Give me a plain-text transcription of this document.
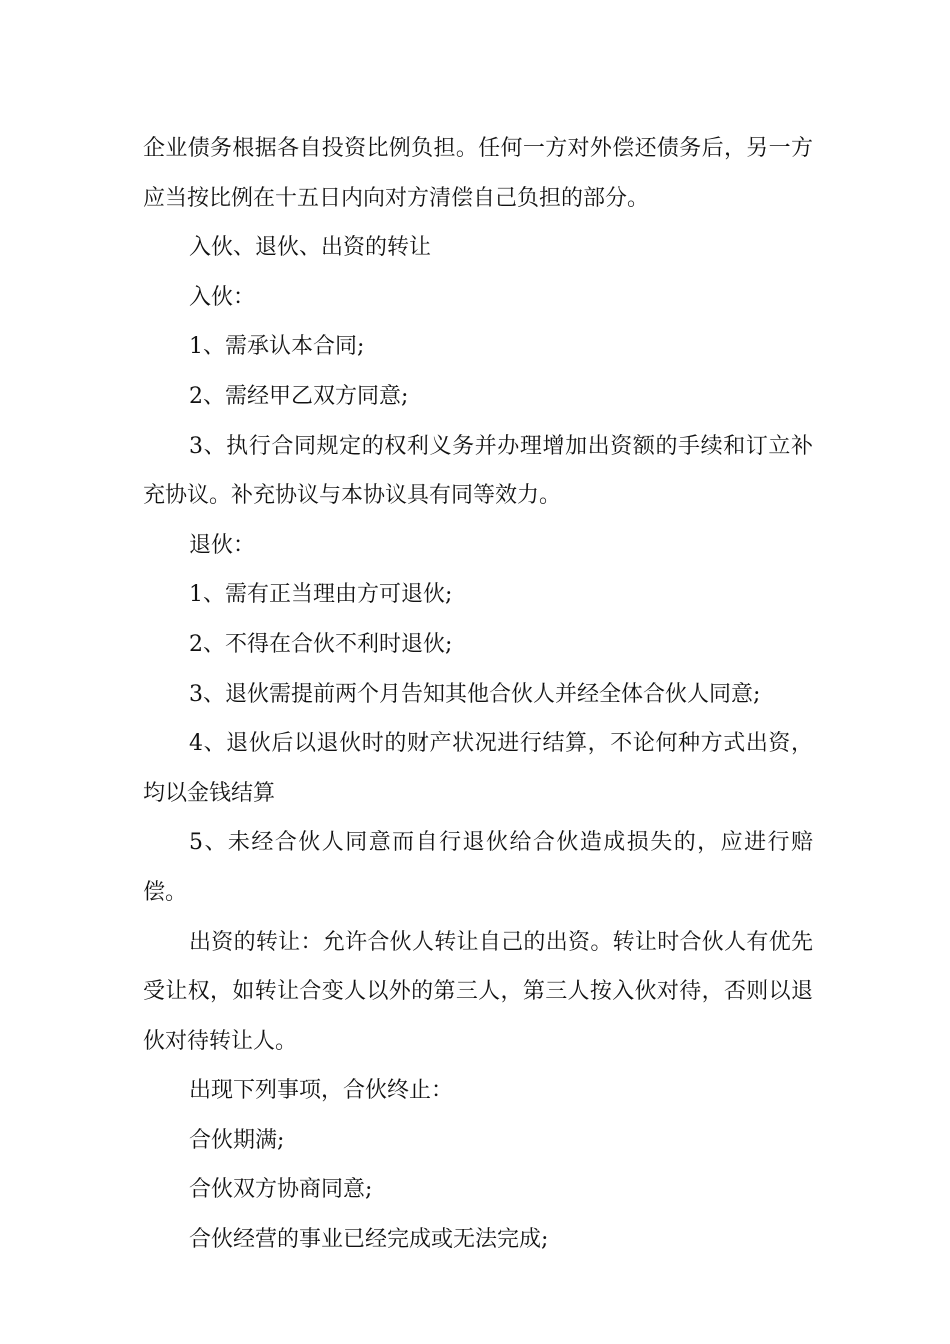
企业债务根据各自投资比例负担。任何一方对外偿还债务后，另一方应当按比例在十五日内向对方清偿自己负担的部分。

入伙、退伙、出资的转让

入伙：

1、需承认本合同;

2、需经甲乙双方同意;

3、执行合同规定的权利义务并办理增加出资额的手续和订立补充协议。补充协议与本协议具有同等效力。

退伙：

1、需有正当理由方可退伙;

2、不得在合伙不利时退伙;

3、退伙需提前两个月告知其他合伙人并经全体合伙人同意;

4、退伙后以退伙时的财产状况进行结算，不论何种方式出资，均以金钱结算

5、未经合伙人同意而自行退伙给合伙造成损失的，应进行赔偿。

出资的转让：允许合伙人转让自己的出资。转让时合伙人有优先受让权，如转让合变人以外的第三人，第三人按入伙对待，否则以退伙对待转让人。

出现下列事项，合伙终止：

合伙期满;

合伙双方协商同意;

合伙经营的事业已经完成或无法完成;
